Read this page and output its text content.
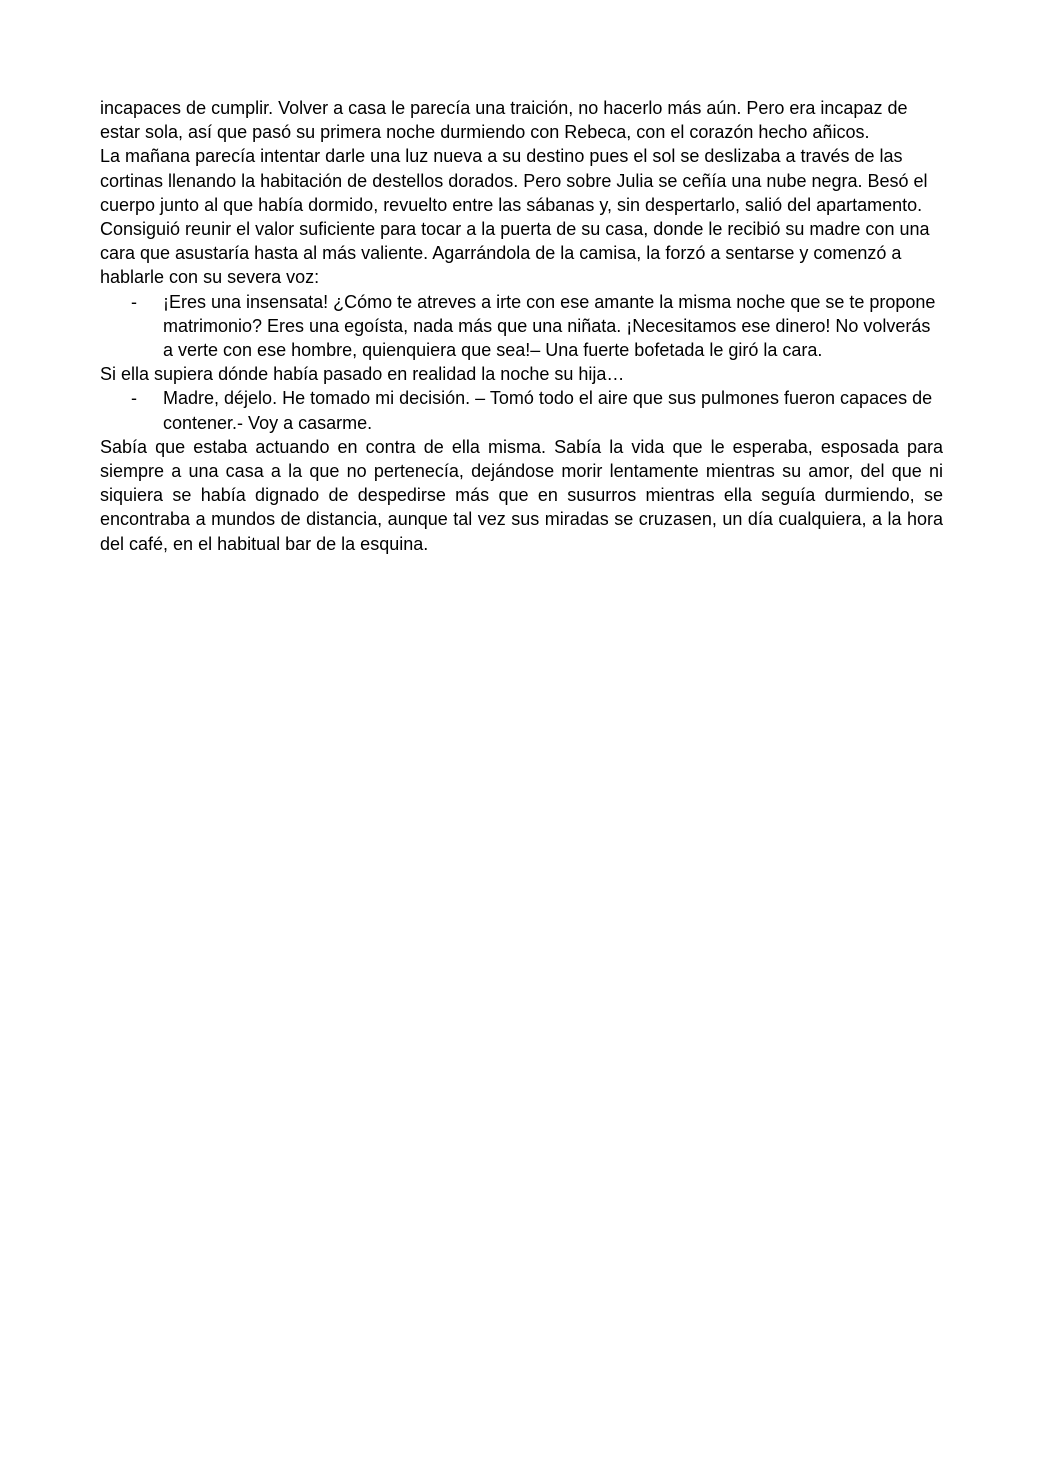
incapaces de cumplir. Volver a casa le parecía una traición, no hacerlo más aún. Pero era incapaz de estar sola, así que pasó su primera noche durmiendo con Rebeca, con el corazón hecho añicos.

La mañana parecía intentar darle una luz nueva a su destino pues el sol se deslizaba a través de las cortinas llenando la habitación de destellos dorados. Pero sobre Julia se ceñía una nube negra. Besó el cuerpo junto al que había dormido, revuelto entre las sábanas y, sin despertarlo, salió del apartamento.

Consiguió reunir el valor suficiente para tocar a la puerta de su casa, donde le recibió su madre con una cara que asustaría hasta al más valiente. Agarrándola de la camisa, la forzó a sentarse y comenzó a hablarle con su severa voz:

- ¡Eres una insensata! ¿Cómo te atreves a irte con ese amante la misma noche que se te propone matrimonio? Eres una egoísta, nada más que una niñata. ¡Necesitamos ese dinero! No volverás a verte con ese hombre, quienquiera que sea!– Una fuerte bofetada le giró la cara.

Si ella supiera dónde había pasado en realidad la noche su hija…

- Madre, déjelo. He tomado mi decisión. – Tomó todo el aire que sus pulmones fueron capaces de contener.- Voy a casarme.

Sabía que estaba actuando en contra de ella misma. Sabía la vida que le esperaba, esposada para siempre a una casa a la que no pertenecía, dejándose morir lentamente mientras su amor, del que ni siquiera se había dignado de despedirse más que en susurros mientras ella seguía durmiendo, se encontraba a mundos de distancia, aunque tal vez sus miradas se cruzasen, un día cualquiera, a la hora del café, en el habitual bar de la esquina.
